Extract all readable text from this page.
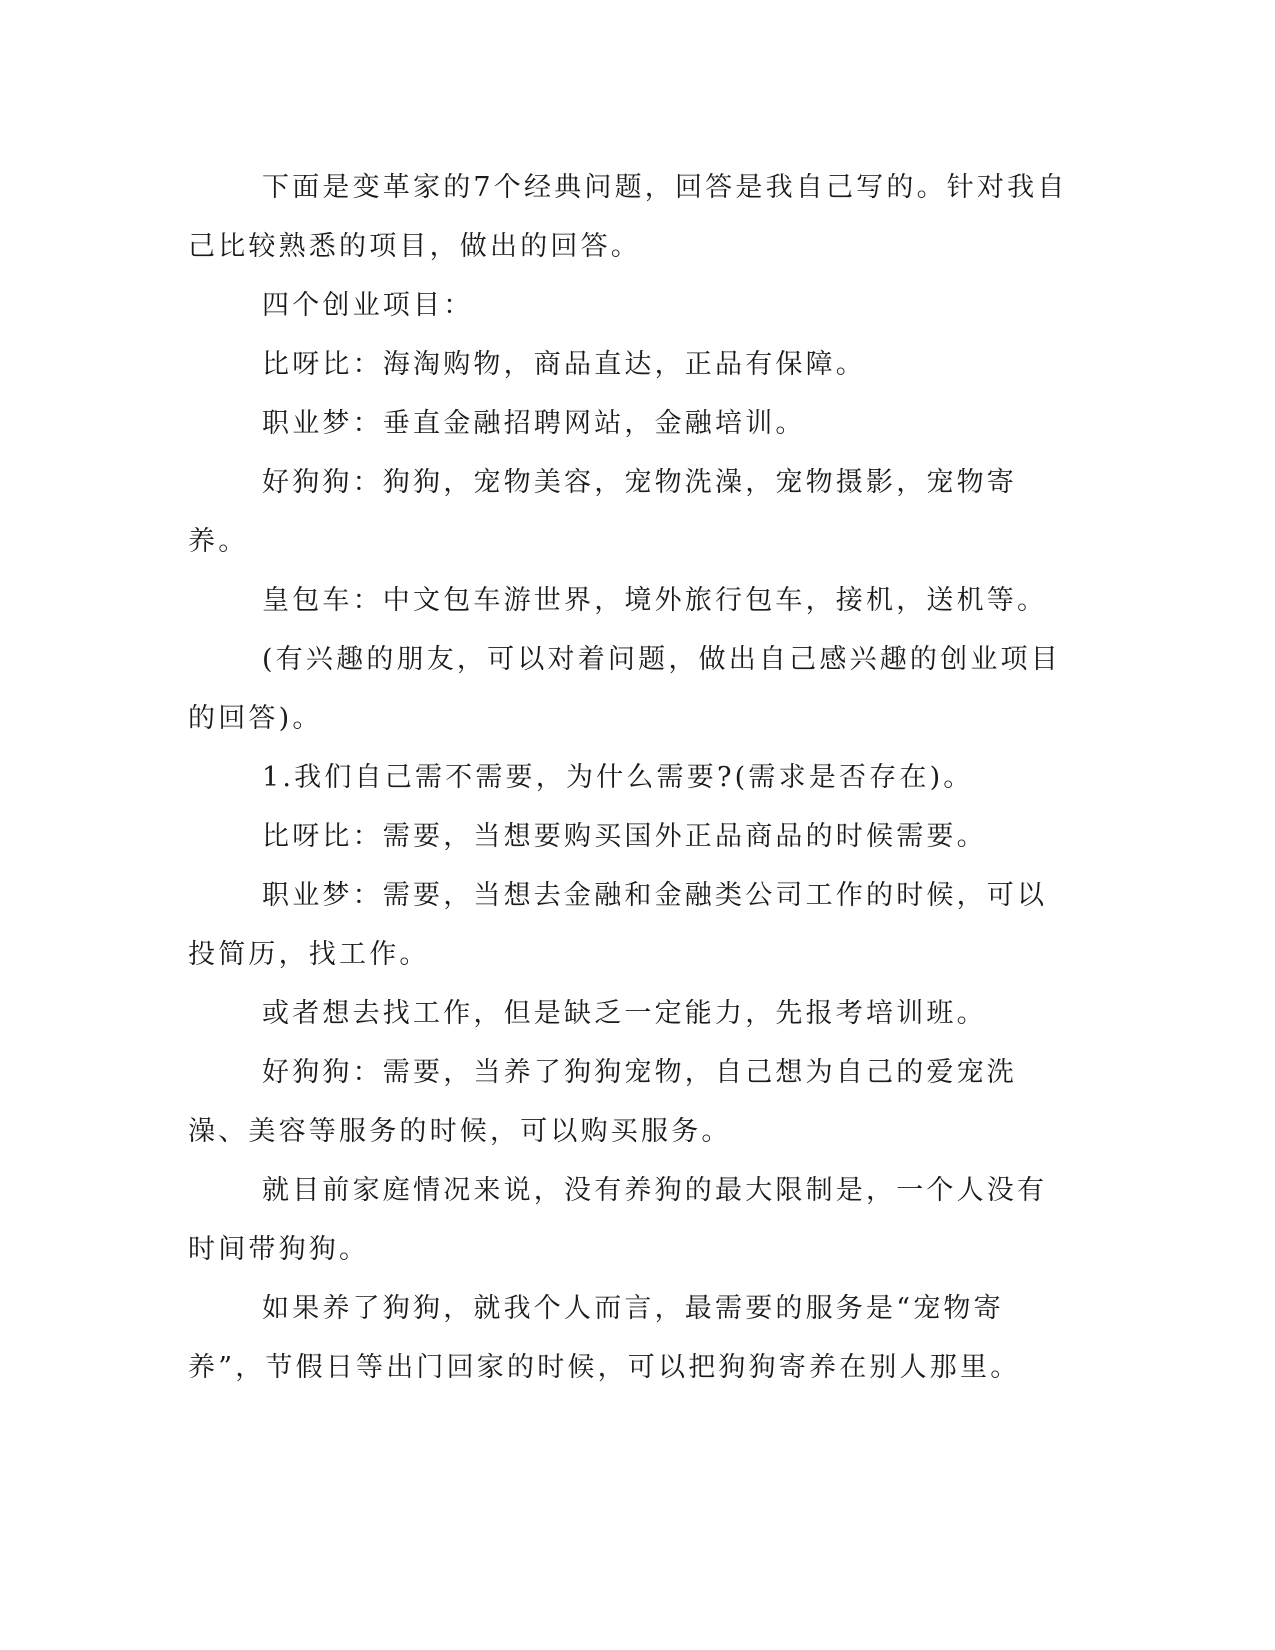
下面是变革家的7个经典问题，回答是我自己写的。针对我自己比较熟悉的项目，做出的回答。

四个创业项目：

比呀比：海淘购物，商品直达，正品有保障。

职业梦：垂直金融招聘网站，金融培训。

好狗狗：狗狗，宠物美容，宠物洗澡，宠物摄影，宠物寄养。

皇包车：中文包车游世界，境外旅行包车，接机，送机等。

(有兴趣的朋友，可以对着问题，做出自己感兴趣的创业项目的回答)。

1.我们自己需不需要，为什么需要?(需求是否存在)。

比呀比：需要，当想要购买国外正品商品的时候需要。

职业梦：需要，当想去金融和金融类公司工作的时候，可以投简历，找工作。

或者想去找工作，但是缺乏一定能力，先报考培训班。

好狗狗：需要，当养了狗狗宠物，自己想为自己的爱宠洗澡、美容等服务的时候，可以购买服务。

就目前家庭情况来说，没有养狗的最大限制是，一个人没有时间带狗狗。

如果养了狗狗，就我个人而言，最需要的服务是“宠物寄养”，节假日等出门回家的时候，可以把狗狗寄养在别人那里。
